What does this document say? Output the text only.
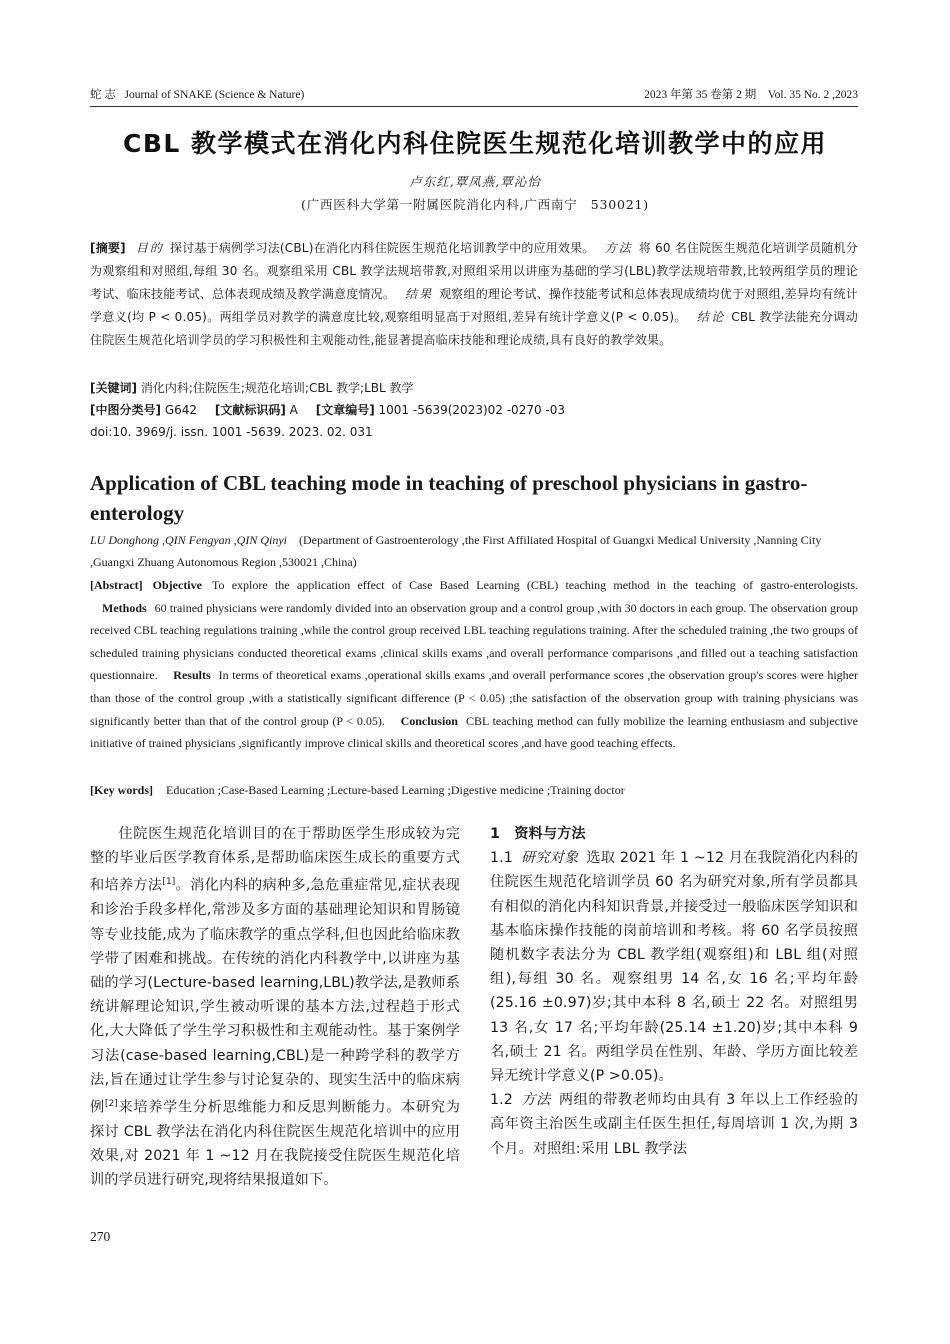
蛇 志 Journal of SNAKE (Science & Nature)	2023 年第 35 卷第 2 期 Vol. 35 No. 2 ,2023
CBL 教学模式在消化内科住院医生规范化培训教学中的应用
卢东红,覃凤燕,覃沁怡
(广西医科大学第一附属医院消化内科,广西南宁　530021)
[摘要] 目的 探讨基于病例学习法(CBL)在消化内科住院医生规范化培训教学中的应用效果。 方法 将 60 名住院医生规范化培训学员随机分为观察组和对照组,每组 30 名。观察组采用 CBL 教学法规培带教,对照组采用以讲座为基础的学习(LBL)教学法规培带教,比较两组学员的理论考试、临床技能考试、总体表现成绩及教学满意度情况。 结果 观察组的理论考试、操作技能考试和总体表现成绩均优于对照组,差异均有统计学意义(均 P < 0.05)。两组学员对教学的满意度比较,观察组明显高于对照组,差异有统计学意义(P < 0.05)。 结论 CBL 教学法能充分调动住院医生规范化培训学员的学习积极性和主观能动性,能显著提高临床技能和理论成绩,具有良好的教学效果。
[关键词] 消化内科;住院医生;规范化培训;CBL 教学;LBL 教学
[中图分类号] G642 [文献标识码] A [文章编号] 1001 -5639(2023)02 -0270 -03
doi:10. 3969/j. issn. 1001 -5639. 2023. 02. 031
Application of CBL teaching mode in teaching of preschool physicians in gastro-enterology
LU Donghong ,QIN Fengyan ,QIN Qinyi (Department of Gastroenterology ,the First Affiliated Hospital of Guangxi Medical University ,Nanning City ,Guangxi Zhuang Autonomous Region ,530021 ,China)
[Abstract] Objective To explore the application effect of Case Based Learning (CBL) teaching method in the teaching of gastro-enterologists. Methods 60 trained physicians were randomly divided into an observation group and a control group ,with 30 doctors in each group. The observation group received CBL teaching regulations training ,while the control group received LBL teaching regulations training. After the scheduled training ,the two groups of scheduled training physicians conducted theoretical exams ,clinical skills exams ,and overall performance comparisons ,and filled out a teaching satisfaction questionnaire. Results In terms of theoretical exams ,operational skills exams ,and overall performance scores ,the observation group's scores were higher than those of the control group ,with a statistically significant difference (P < 0.05) ;the satisfaction of the observation group with training physicians was significantly better than that of the control group (P < 0.05). Conclusion CBL teaching method can fully mobilize the learning enthusiasm and subjective initiative of trained physicians ,significantly improve clinical skills and theoretical scores ,and have good teaching effects.
[Key words] Education ;Case-Based Learning ;Lecture-based Learning ;Digestive medicine ;Training doctor

住院医生规范化培训目的在于帮助医学生形成较为完整的毕业后医学教育体系,是帮助临床医生成长的重要方式和培养方法[1]。消化内科的病种多,急危重症常见,症状表现和诊治手段多样化,常涉及多方面的基础理论知识和胃肠镜等专业技能,成为了临床教学的重点学科,但也因此给临床教学带了困难和挑战。在传统的消化内科教学中,以讲座为基础的学习(Lecture-based learning,LBL)教学法,是教师系统讲解理论知识,学生被动听课的基本方法,过程趋于形式化,大大降低了学生学习积极性和主观能动性。基于案例学习法(case-based learning,CBL)是一种跨学科的教学方法,旨在通过让学生参与讨论复杂的、现实生活中的临床病例[2]来培养学生分析思维能力和反思判断能力。本研究为探讨 CBL 教学法在消化内科住院医生规范化培训中的应用效果,对 2021 年 1 ~12 月在我院接受住院医生规范化培训的学员进行研究,现将结果报道如下。

1　资料与方法

1.1 研究对象 选取 2021 年 1 ~12 月在我院消化内科的住院医生规范化培训学员 60 名为研究对象,所有学员都具有相似的消化内科知识背景,并接受过一般临床医学知识和基本临床操作技能的岗前培训和考核。将 60 名学员按照随机数字表法分为 CBL 教学组(观察组)和 LBL 组(对照组),每组 30 名。观察组男 14 名,女 16 名;平均年龄(25.16 ±0.97)岁;其中本科 8 名,硕士 22 名。对照组男 13 名,女 17 名;平均年龄(25.14 ±1.20)岁;其中本科 9 名,硕士 21 名。两组学员在性别、年龄、学历方面比较差异无统计学意义(P >0.05)。

1.2 方法 两组的带教老师均由具有 3 年以上工作经验的高年资主治医生或副主任医生担任,每周培训 1 次,为期 3 个月。对照组:采用 LBL 教学法

270
